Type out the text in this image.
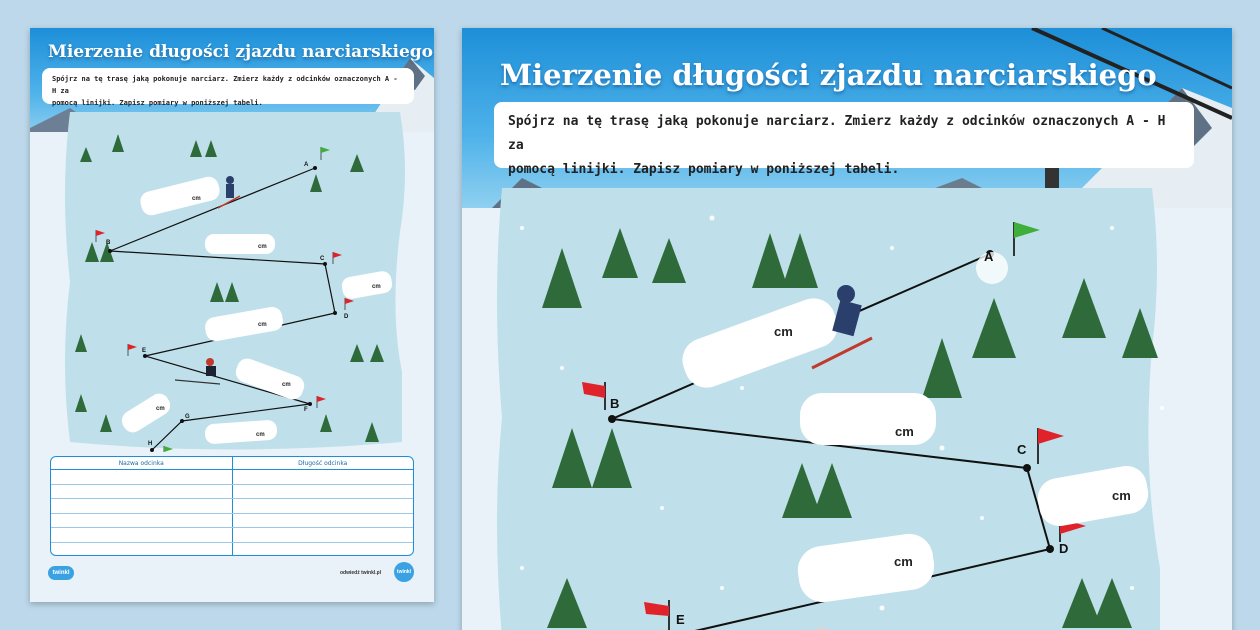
Mierzenie długości zjazdu narciarskiego
Spójrz na tę trasę jaką pokonuje narciarz. Zmierz każdy z odcinków oznaczonych A - H za
pomocą linijki. Zapisz pomiary w poniższej tabeli.
A
B
C
D
E
F
G
H
cm
cm
cm
cm
cm
cm
cm
Nazwa odcinka	Długość odcinka
twinkl	odwiedź twinkl.pl	twinkl
Mierzenie długości zjazdu narciarskiego
Spójrz na tę trasę jaką pokonuje narciarz. Zmierz każdy z odcinków oznaczonych A - H za
pomocą linijki. Zapisz pomiary w poniższej tabeli.
A
B
C
D
E
cm
cm
cm
cm
